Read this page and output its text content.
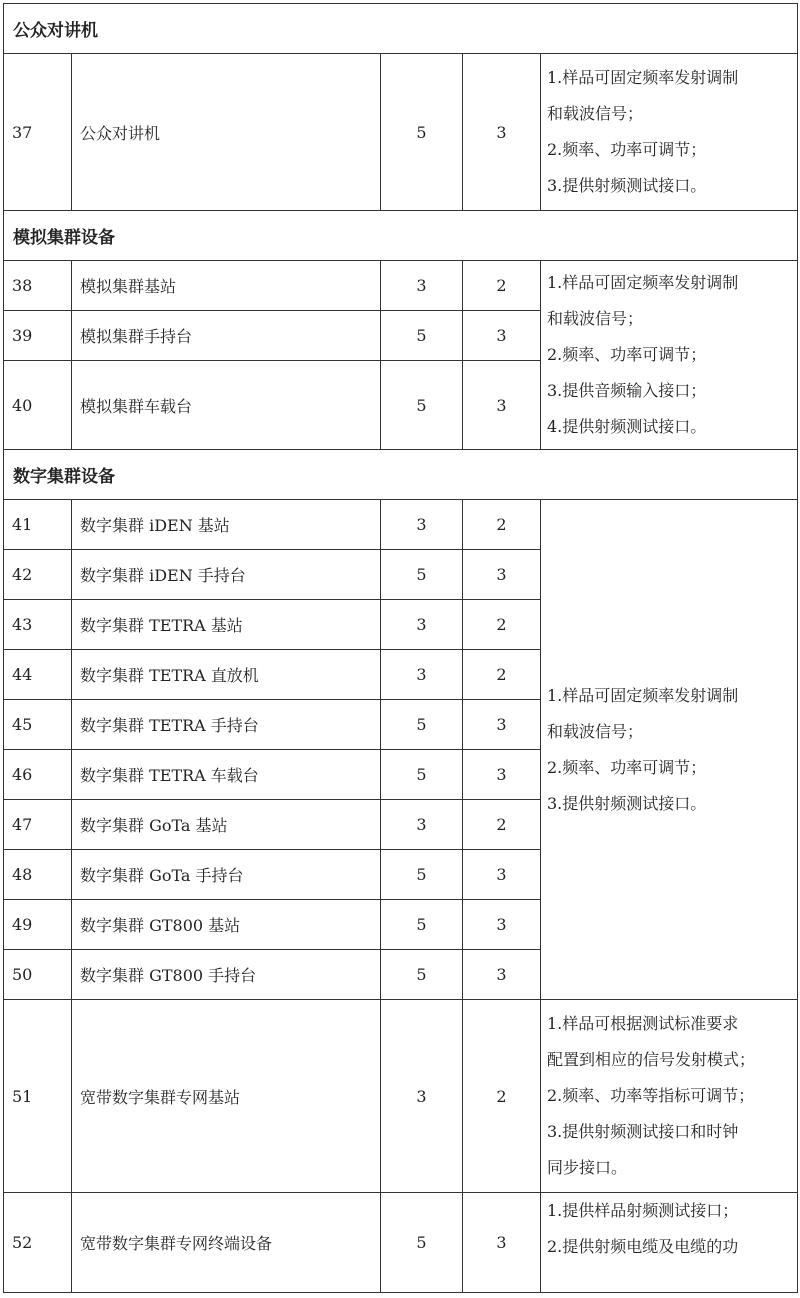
公众对讲机				
37	公众对讲机	5	3	1.样品可固定频率发射调制
和载波信号；
2.频率、功率可调节；
3.提供射频测试接口。

模拟集群设备				
38	模拟集群基站	3	2	1.样品可固定频率发射调制
和载波信号；
2.频率、功率可调节；
3.提供音频输入接口；
4.提供射频测试接口。

39	模拟集群手持台	5	3	
40	模拟集群车载台	5	3	
数字集群设备				
41	数字集群 iDEN 基站	3	2	1.样品可固定频率发射调制
和载波信号；
2.频率、功率可调节；
3.提供射频测试接口。

42	数字集群 iDEN 手持台	5	3	
43	数字集群 TETRA 基站	3	2	
44	数字集群 TETRA 直放机	3	2	
45	数字集群 TETRA 手持台	5	3	
46	数字集群 TETRA 车载台	5	3	
47	数字集群 GoTa 基站	3	2	
48	数字集群 GoTa 手持台	5	3	
49	数字集群 GT800 基站	5	3	
50	数字集群 GT800 手持台	5	3	
51	宽带数字集群专网基站	3	2	1.样品可根据测试标准要求
配置到相应的信号发射模式；
2.频率、功率等指标可调节；
3.提供射频测试接口和时钟
同步接口。

52	宽带数字集群专网终端设备	5	3	1.提供样品射频测试接口；
2.提供射频电缆及电缆的功
